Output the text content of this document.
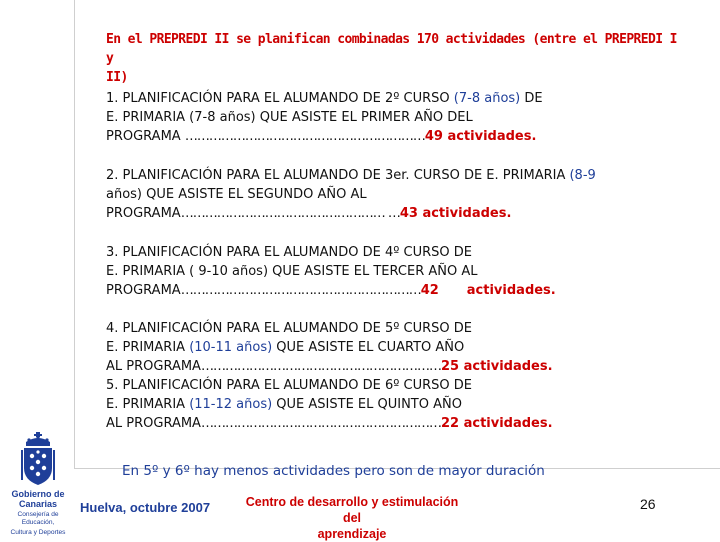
En el PREPREDI II se planifican combinadas 170 actividades (entre el PREPREDI I y
II)
1. PLANIFICACIÓN PARA EL ALUMANDO DE 2º CURSO (7-8 años) DE
E. PRIMARIA (7-8 años) QUE ASISTE EL PRIMER AÑO DEL
PROGRAMA ……………………………………………………49 actividades.
2. PLANIFICACIÓN PARA EL ALUMANDO DE 3er. CURSO DE E. PRIMARIA (8-9
años) QUE ASISTE EL SEGUNDO AÑO AL
PROGRAMA…………………………………………… …43 actividades.
3. PLANIFICACIÓN PARA EL ALUMANDO DE 4º CURSO DE
E. PRIMARIA ( 9-10 años) QUE ASISTE EL TERCER AÑO AL
PROGRAMA……………………………………………………42 actividades.
4. PLANIFICACIÓN PARA EL ALUMANDO DE 5º CURSO DE
E. PRIMARIA (10-11 años) QUE ASISTE EL CUARTO AÑO
AL PROGRAMA……………………………………………………25 actividades.
5. PLANIFICACIÓN PARA EL ALUMANDO DE 6º CURSO DE
E. PRIMARIA (11-12 años) QUE ASISTE EL QUINTO AÑO
AL PROGRAMA……………………………………………………22 actividades.
En 5º y 6º hay menos actividades pero son de mayor duración
Gobierno de Canarias
Consejería de Educación,
Cultura y Deportes
Huelva, octubre 2007	Centro de desarrollo y estimulación del
aprendizaje
26
